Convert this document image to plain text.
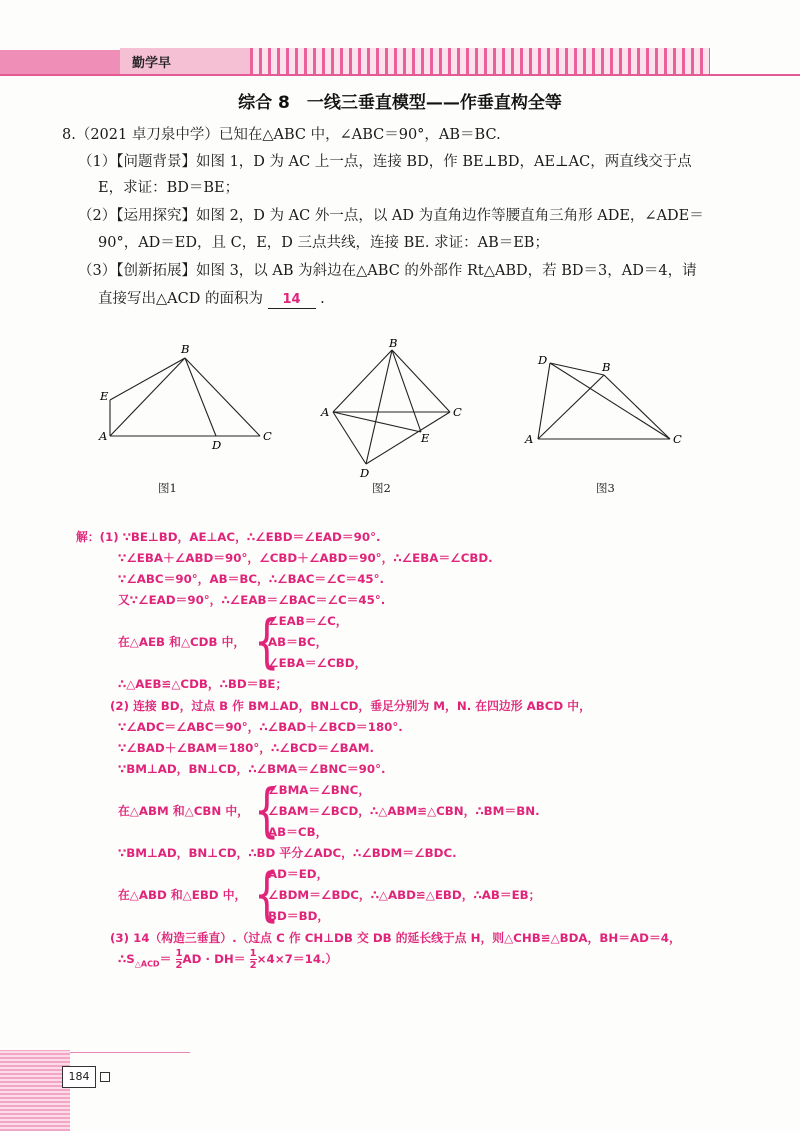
勤学早
综合 8　一线三垂直模型——作垂直构全等
8.（2021 卓刀泉中学）已知在△ABC 中，∠ABC＝90°，AB＝BC.
（1）【问题背景】如图 1，D 为 AC 上一点，连接 BD，作 BE⊥BD，AE⊥AC，两直线交于点
E，求证：BD＝BE；
（2）【运用探究】如图 2，D 为 AC 外一点，以 AD 为直角边作等腰直角三角形 ADE，∠ADE＝
90°，AD＝ED，且 C，E，D 三点共线，连接 BE. 求证：AB＝EB；
（3）【创新拓展】如图 3，以 AB 为斜边在△ABC 的外部作 Rt△ABD，若 BD＝3，AD＝4，请
直接写出△ACD 的面积为 14 .
B
E
A
D
C
图1
B
A	C
E
D
图2
D	B
A	C
图3
解：(1) ∵BE⊥BD，AE⊥AC，∴∠EBD＝∠EAD＝90°.
∵∠EBA＋∠ABD＝90°，∠CBD＋∠ABD＝90°，∴∠EBA＝∠CBD.
∵∠ABC＝90°，AB＝BC，∴∠BAC＝∠C＝45°.
又∵∠EAD＝90°，∴∠EAB＝∠BAC＝∠C＝45°.
∠EAB＝∠C，
在△AEB 和△CDB 中， {
AB＝BC，
∠EBA＝∠CBD，
∴△AEB≌△CDB，∴BD＝BE；
(2) 连接 BD，过点 B 作 BM⊥AD，BN⊥CD，垂足分别为 M，N. 在四边形 ABCD 中，
∵∠ADC＝∠ABC＝90°，∴∠BAD＋∠BCD＝180°.
∵∠BAD＋∠BAM＝180°，∴∠BCD＝∠BAM.
∵BM⊥AD，BN⊥CD，∴∠BMA＝∠BNC＝90°.
∠BMA＝∠BNC，
在△ABM 和△CBN 中， {
∠BAM＝∠BCD，∴△ABM≌△CBN，∴BM＝BN.
AB＝CB，
∵BM⊥AD，BN⊥CD，∴BD 平分∠ADC，∴∠BDM＝∠BDC.
AD＝ED，
在△ABD 和△EBD 中， {
∠BDM＝∠BDC，∴△ABD≌△EBD，∴AB＝EB；
BD＝BD，
(3) 14（构造三垂直）.（过点 C 作 CH⊥DB 交 DB 的延长线于点 H，则△CHB≌△BDA，BH＝AD＝4，
$\therefore S_{\triangle ACD}= \frac{1}{2}$ AD · $DH= \frac{1}{2} \times 4\times 7=14$.）
184
